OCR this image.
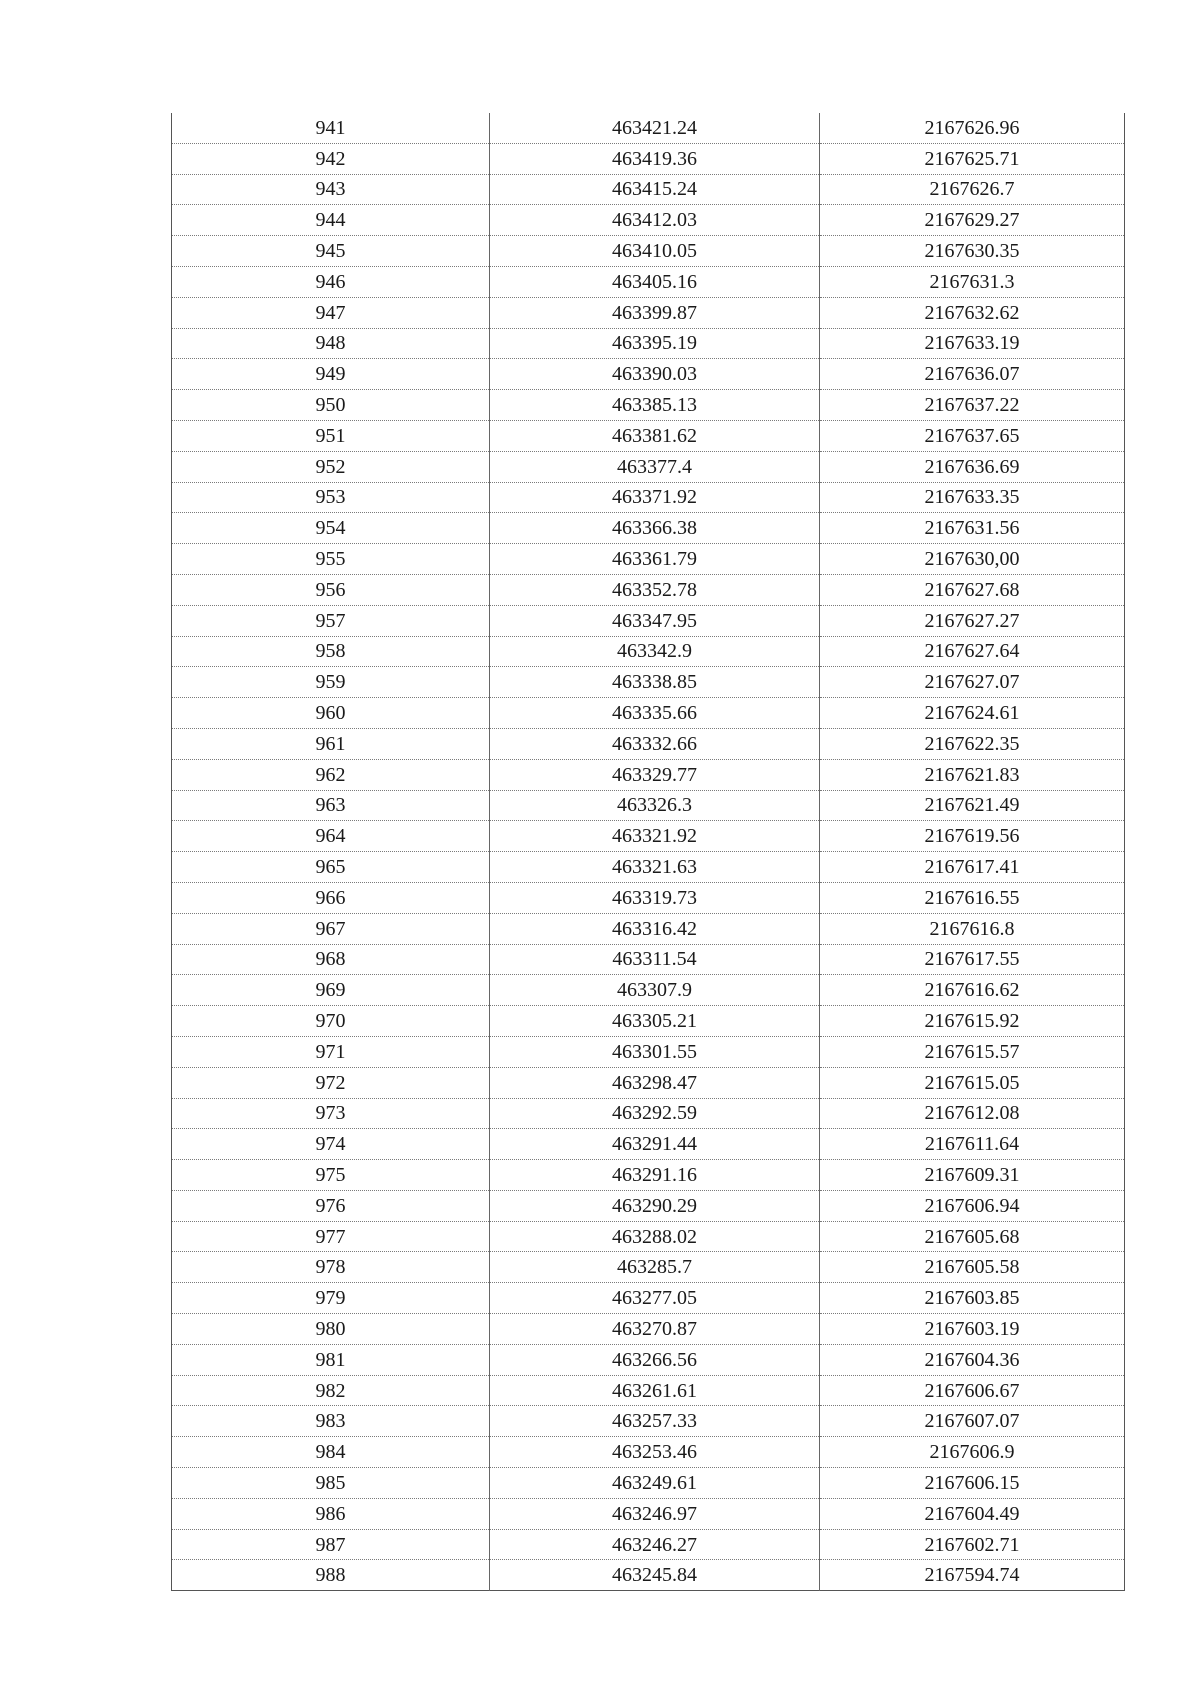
941	463421.24	2167626.96
942	463419.36	2167625.71
943	463415.24	2167626.7
944	463412.03	2167629.27
945	463410.05	2167630.35
946	463405.16	2167631.3
947	463399.87	2167632.62
948	463395.19	2167633.19
949	463390.03	2167636.07
950	463385.13	2167637.22
951	463381.62	2167637.65
952	463377.4	2167636.69
953	463371.92	2167633.35
954	463366.38	2167631.56
955	463361.79	2167630,00
956	463352.78	2167627.68
957	463347.95	2167627.27
958	463342.9	2167627.64
959	463338.85	2167627.07
960	463335.66	2167624.61
961	463332.66	2167622.35
962	463329.77	2167621.83
963	463326.3	2167621.49
964	463321.92	2167619.56
965	463321.63	2167617.41
966	463319.73	2167616.55
967	463316.42	2167616.8
968	463311.54	2167617.55
969	463307.9	2167616.62
970	463305.21	2167615.92
971	463301.55	2167615.57
972	463298.47	2167615.05
973	463292.59	2167612.08
974	463291.44	2167611.64
975	463291.16	2167609.31
976	463290.29	2167606.94
977	463288.02	2167605.68
978	463285.7	2167605.58
979	463277.05	2167603.85
980	463270.87	2167603.19
981	463266.56	2167604.36
982	463261.61	2167606.67
983	463257.33	2167607.07
984	463253.46	2167606.9
985	463249.61	2167606.15
986	463246.97	2167604.49
987	463246.27	2167602.71
988	463245.84	2167594.74
